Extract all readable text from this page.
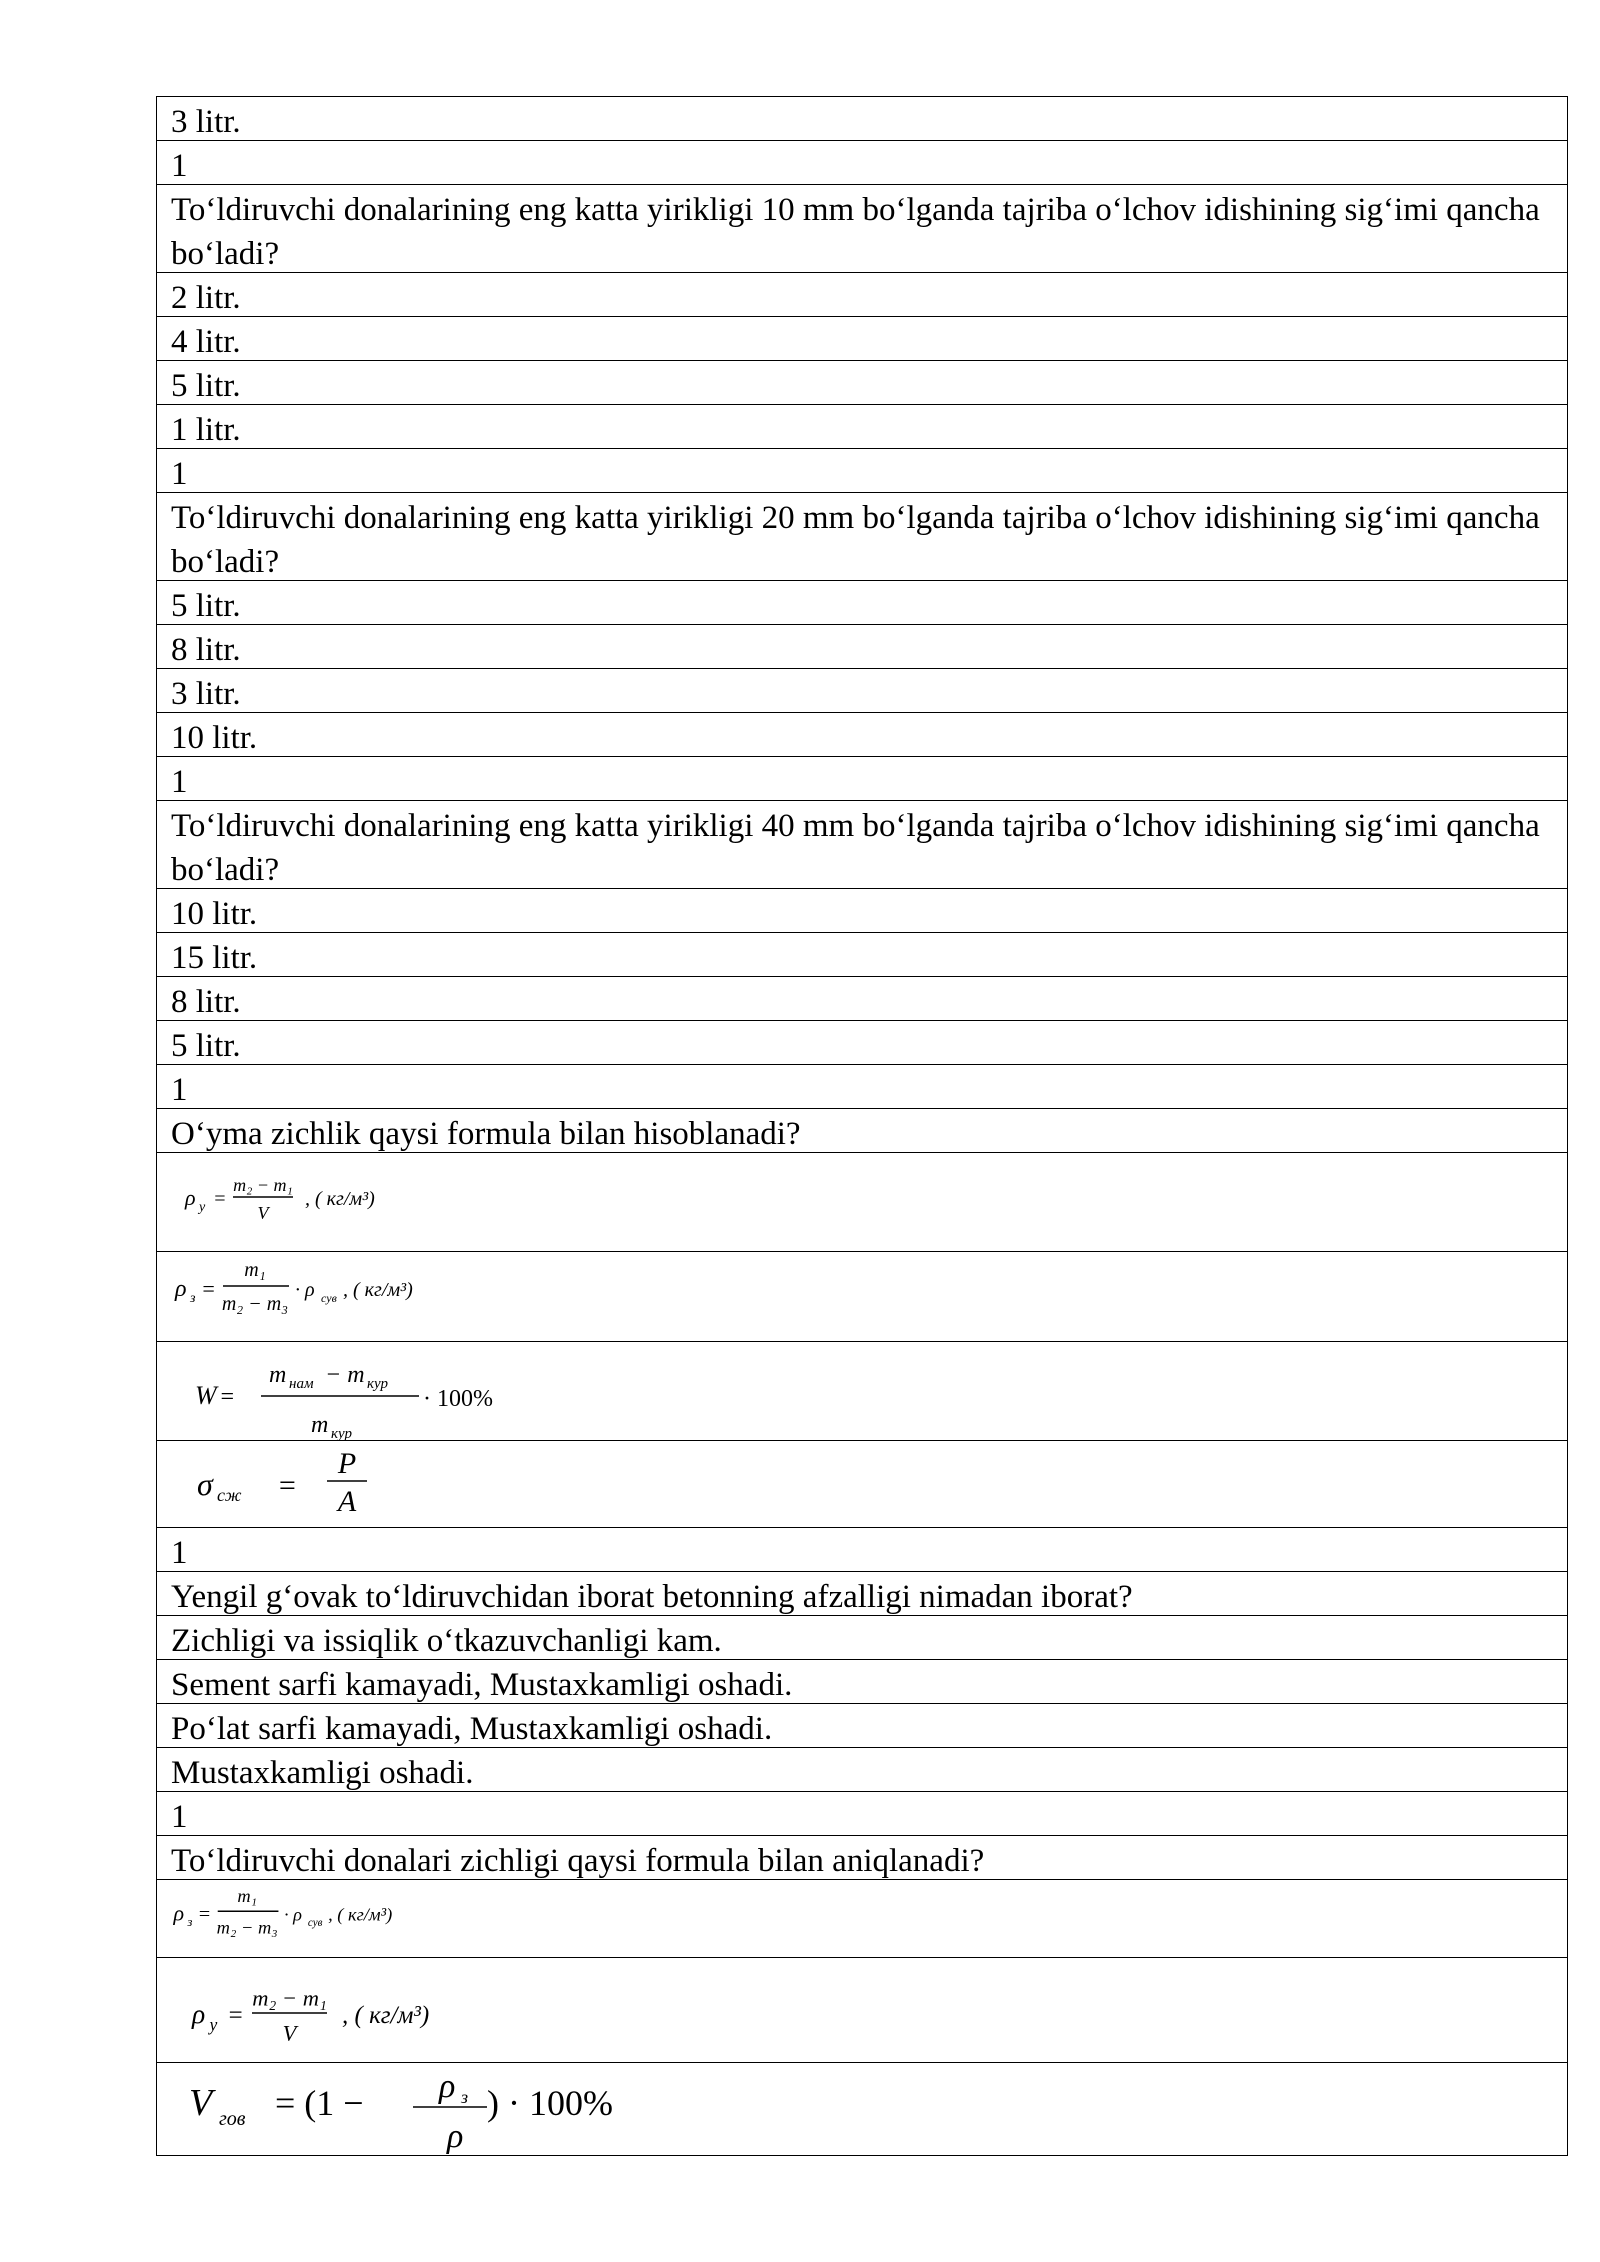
3 litr.
1
To‘ldiruvchi donalarining eng katta yirikligi 10 mm bo‘lganda tajriba o‘lchov idishining sig‘imi qancha bo‘ladi?
2 litr.
4 litr.
5 litr.
1 litr.
1
To‘ldiruvchi donalarining eng katta yirikligi 20 mm bo‘lganda tajriba o‘lchov idishining sig‘imi qancha bo‘ladi?
5 litr.
8 litr.
3 litr.
10 litr.
1
To‘ldiruvchi donalarining eng katta yirikligi 40 mm bo‘lganda tajriba o‘lchov idishining sig‘imi qancha bo‘ladi?
10 litr.
15 litr.
8 litr.
5 litr.
1
O‘yma zichlik qaysi formula bilan hisoblanadi?
ρ у =
m₂ − m₁
V
, ( кг/м³)
ρ з =
m₁
m₂ − m₃
· ρ сув , ( кг/м³)
W =
m нам − m кур
m кур
· 100%
σ сж =
P
A
1
Yengil g‘ovak to‘ldiruvchidan iborat betonning afzalligi nimadan iborat?
Zichligi va issiqlik o‘tkazuvchanligi kam.
Sement sarfi kamayadi, Mustaxkamligi oshadi.
Po‘lat sarfi kamayadi, Mustaxkamligi oshadi.
Mustaxkamligi oshadi.
1
To‘ldiruvchi donalari zichligi qaysi formula bilan aniqlanadi?
ρ з =
m₁
m₂ − m₃
· ρ сув , ( кг/м³)
ρ у =
m₂ − m₁
V
, ( кг/м³)
V гов = (1 − ρ з
ρ
) · 100%
